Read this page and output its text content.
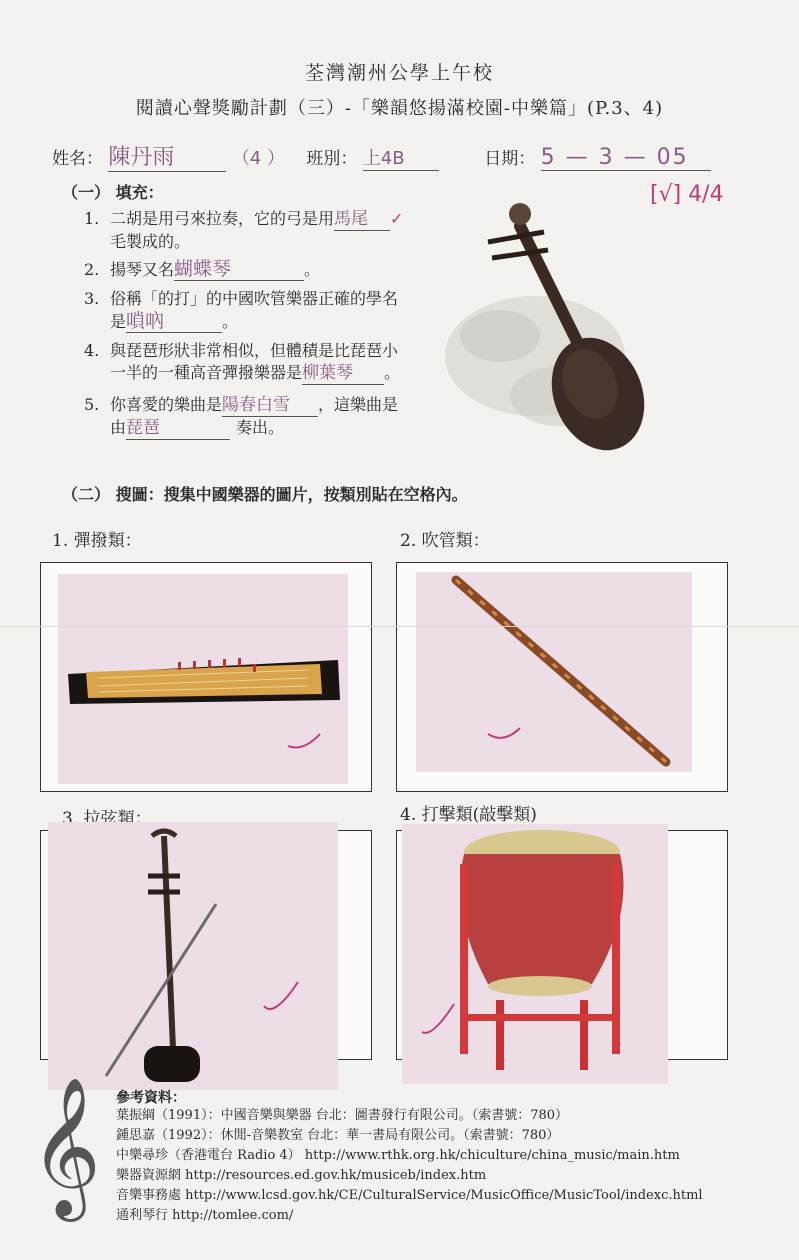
荃灣潮州公學上午校
閱讀心聲獎勵計劃（三）-「樂韻悠揚滿校園-中樂篇」(P.3、4)
姓名： 陳丹雨	（4 ） 班別： 上4B	日期： 5 — 3 — 05
[√] 4/4
（一） 填充：
1. 二胡是用弓來拉奏，它的弓是用馬尾 ✓
毛製成的。
2. 揚琴又名蝴蝶琴	。
3. 俗稱「的打」的中國吹管樂器正確的學名
是嗩吶	。
4. 與琵琶形狀非常相似，但體積是比琵琶小
一半的一種高音彈撥樂器是柳葉琴 。
5. 你喜愛的樂曲是陽春白雪 ，這樂曲是
由琵琶	奏出。
（二） 搜圖：搜集中國樂器的圖片，按類別貼在空格內。
1. 彈撥類：	2. 吹管類：
3. 拉弦類：	4. 打擊類(敲擊類)
𝄞 參考資料：
葉振綱（1991）：中國音樂與樂器 台北：圖書發行有限公司。（索書號：780）
鍾思嘉（1992）：休閒-音樂教室 台北：華一書局有限公司。（索書號：780）
中樂尋珍（香港電台 Radio 4） http://www.rthk.org.hk/chiculture/china_music/main.htm
樂器資源網 http://resources.ed.gov.hk/musiceb/index.htm
音樂事務處 http://www.lcsd.gov.hk/CE/CulturalService/MusicOffice/MusicTool/indexc.html
通利琴行 http://tomlee.com/
